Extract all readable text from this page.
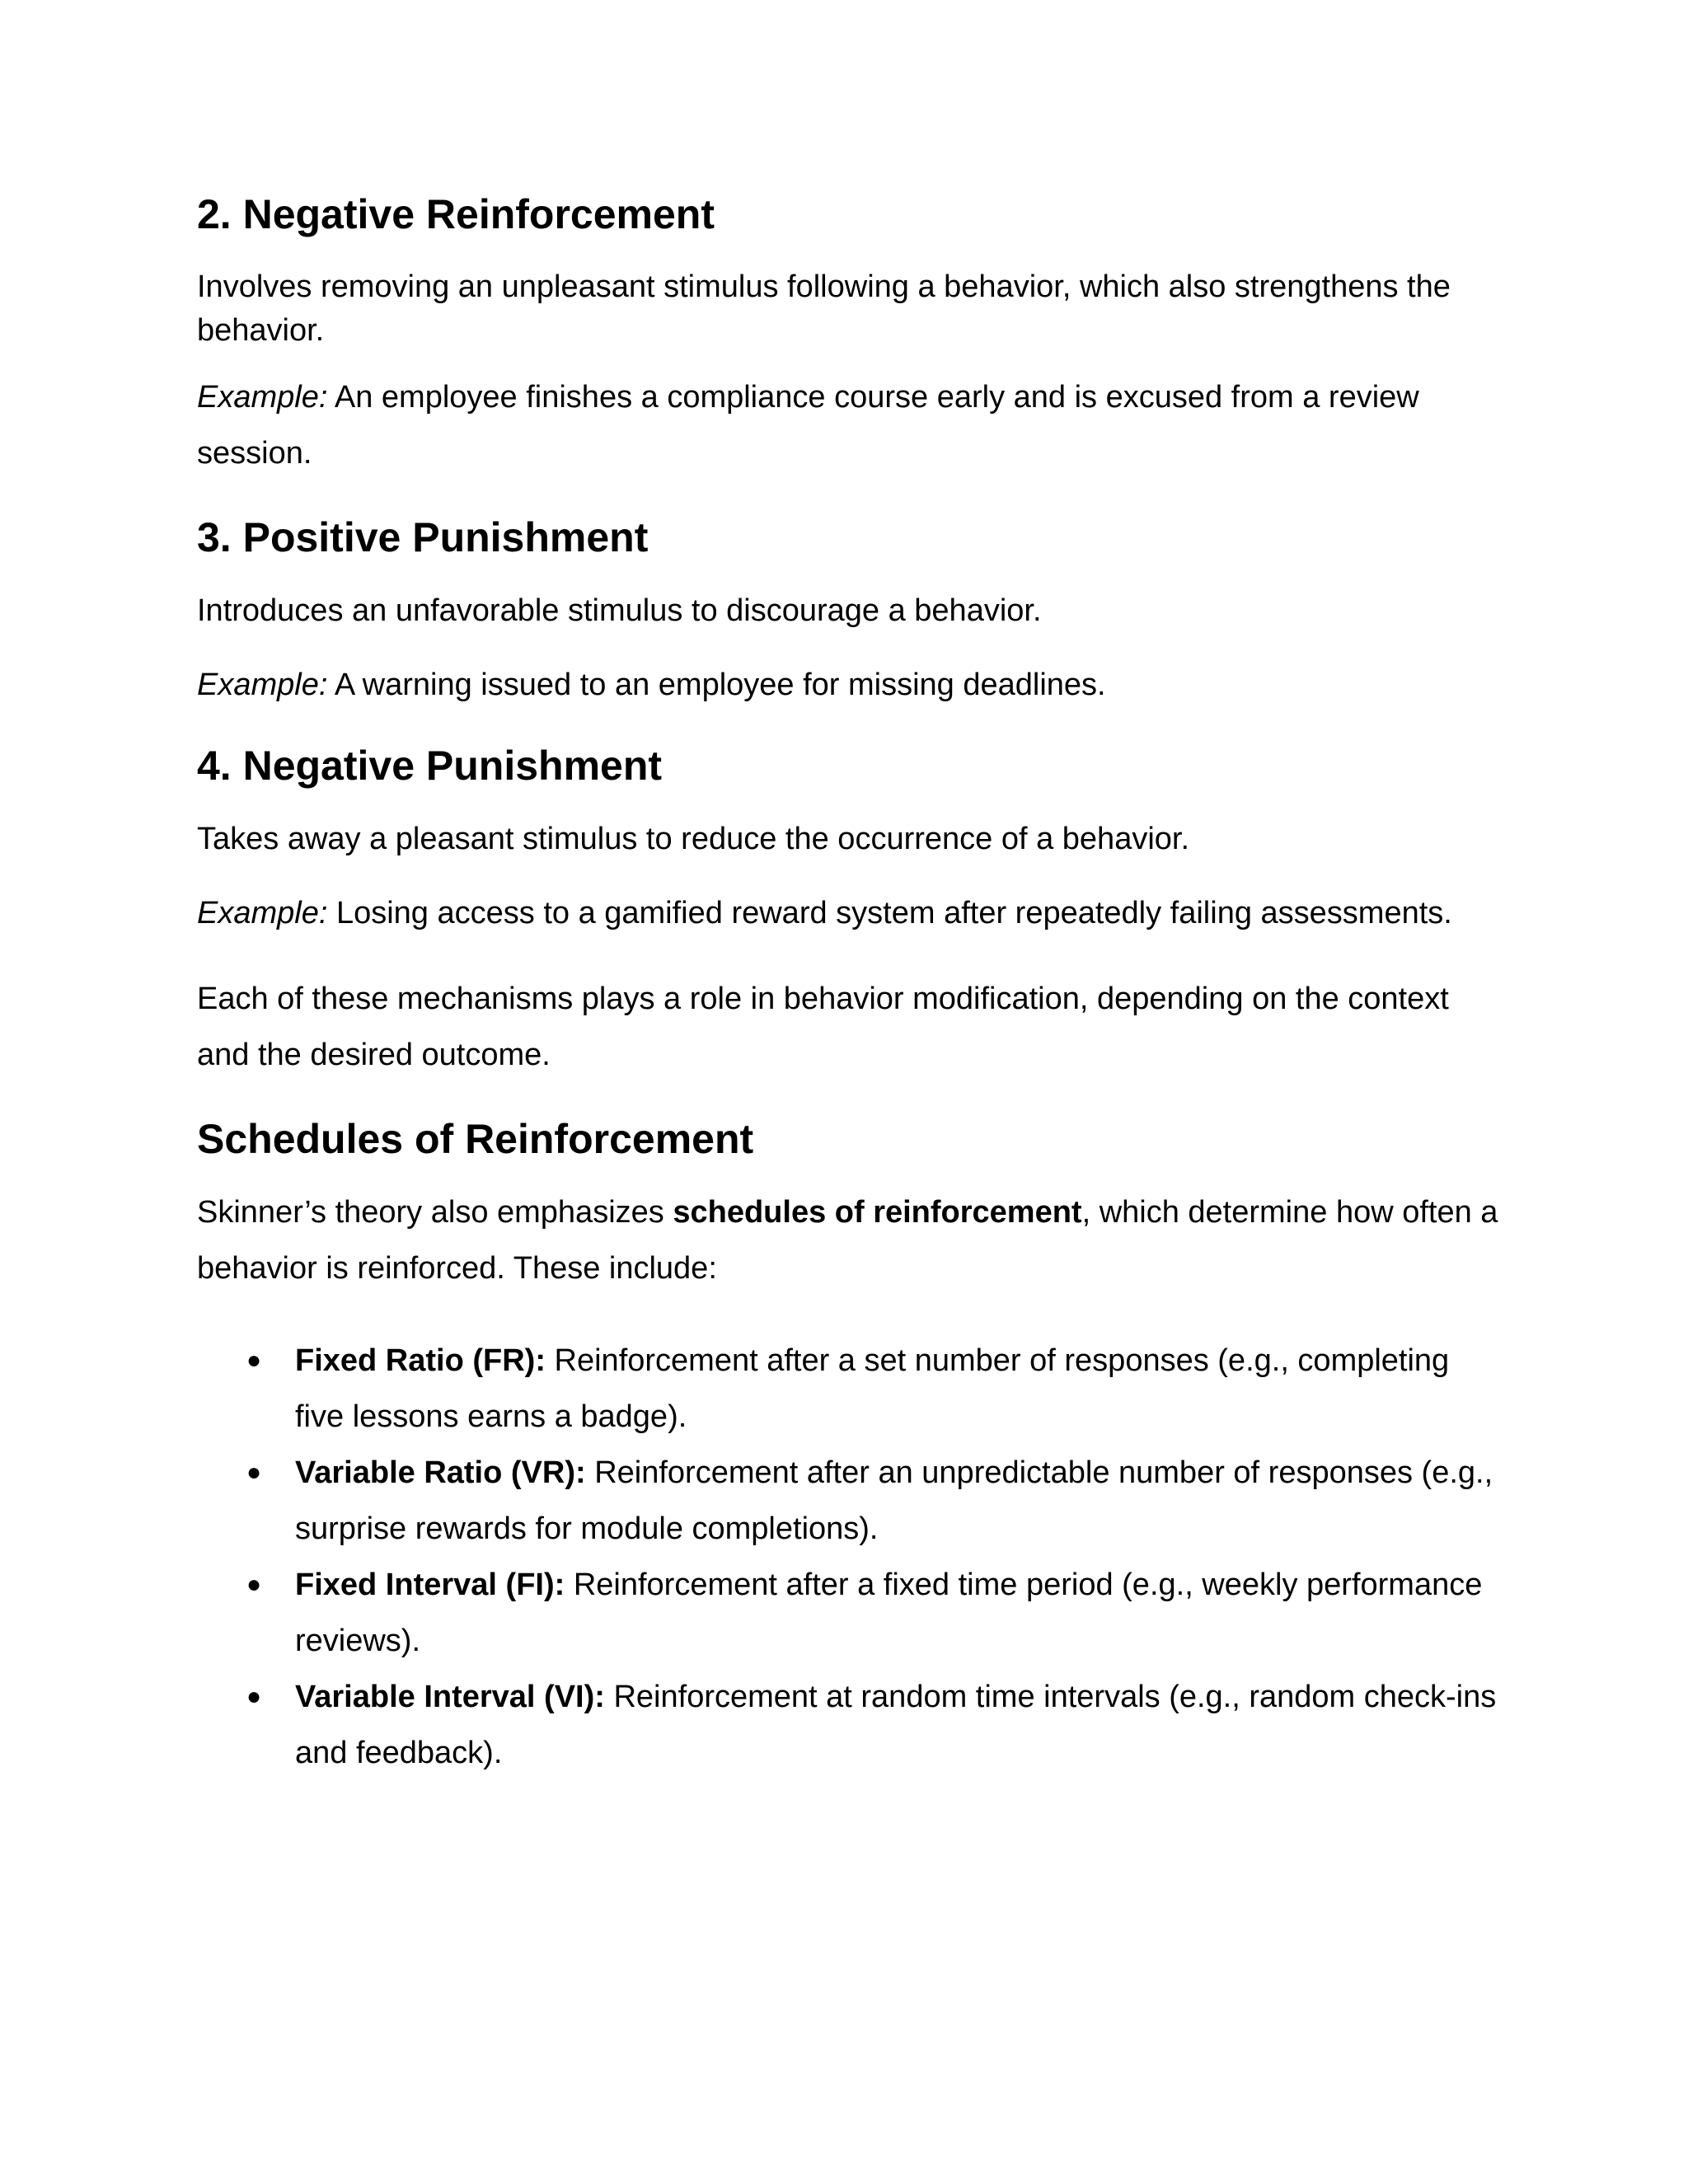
2. Negative Reinforcement

Involves removing an unpleasant stimulus following a behavior, which also strengthens the behavior.

Example: An employee finishes a compliance course early and is excused from a review session.

3. Positive Punishment

Introduces an unfavorable stimulus to discourage a behavior.

Example: A warning issued to an employee for missing deadlines.

4. Negative Punishment

Takes away a pleasant stimulus to reduce the occurrence of a behavior.

Example: Losing access to a gamified reward system after repeatedly failing assessments.

Each of these mechanisms plays a role in behavior modification, depending on the context and the desired outcome.

Schedules of Reinforcement

Skinner’s theory also emphasizes schedules of reinforcement, which determine how often a behavior is reinforced. These include:

● Fixed Ratio (FR): Reinforcement after a set number of responses (e.g., completing five lessons earns a badge).
● Variable Ratio (VR): Reinforcement after an unpredictable number of responses (e.g., surprise rewards for module completions).
● Fixed Interval (FI): Reinforcement after a fixed time period (e.g., weekly performance reviews).
● Variable Interval (VI): Reinforcement at random time intervals (e.g., random check-ins and feedback).
